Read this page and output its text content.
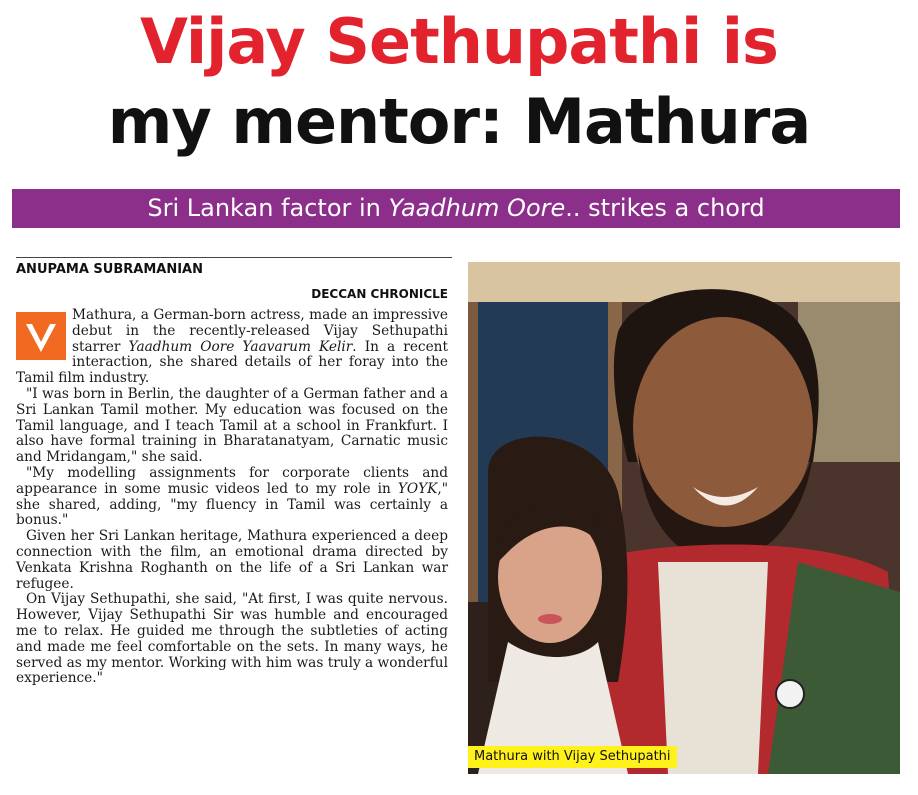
Vijay Sethupathi is
my mentor: Mathura
Sri Lankan factor in Yaadhum Oore.. strikes a chord
ANUPAMA SUBRAMANIAN
DECCAN CHRONICLE

Mathura, a German-born actress, made an impressive debut in the recently-released Vijay Sethupathi starrer Yaadhum Oore Yaavarum Kelir. In a recent interaction, she shared details of her foray into the Tamil film industry.

"I was born in Berlin, the daughter of a German father and a Sri Lankan Tamil mother. My education was focused on the Tamil language, and I teach Tamil at a school in Frankfurt. I also have formal training in Bharatanatyam, Carnatic music and Mridangam," she said.

"My modelling assignments for corporate clients and appearance in some music videos led to my role in YOYK," she shared, adding, "my fluency in Tamil was certainly a bonus."

Given her Sri Lankan heritage, Mathura experienced a deep connection with the film, an emotional drama directed by Venkata Krishna Roghanth on the life of a Sri Lankan war refugee.

On Vijay Sethupathi, she said, "At first, I was quite nervous. However, Vijay Sethupathi Sir was humble and encouraged me to relax. He guided me through the subtleties of acting and made me feel comfortable on the sets. In many ways, he served as my mentor. Working with him was truly a wonderful experience."

Mathura with Vijay Sethupathi
